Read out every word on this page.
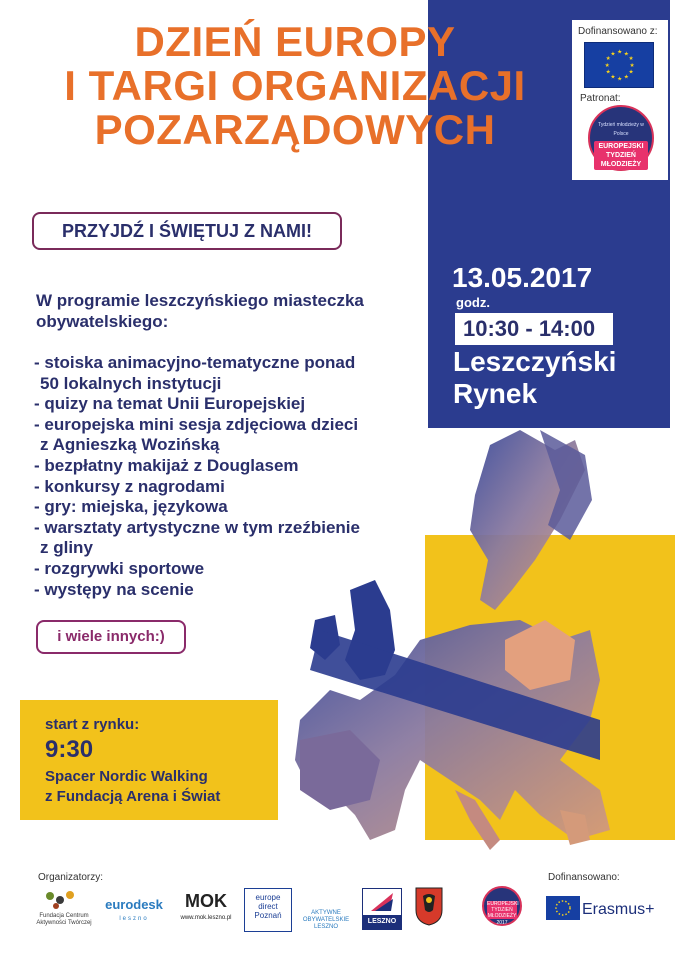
DZIEŃ EUROPY
I TARGI ORGANIZACJI
POZARZĄDOWYCH
Dofinansowano z:
★ ★
★
★
★
★
★
★
★
★
★
★
Patronat:
Tydzień młodzieży w Polsce
EUROPEJSKI TYDZIEŃ MŁODZIEŻY
2017
PRZYJDŹ I ŚWIĘTUJ Z NAMI!
13.05.2017
godz.
10:30 - 14:00
Leszczyński
Rynek
W programie leszczyńskiego miasteczka
obywatelskiego:
- stoiska animacyjno-tematyczne ponad
50 lokalnych instytucji
- quizy na temat Unii Europejskiej
- europejska mini sesja zdjęciowa dzieci
z Agnieszką Wozińską
- bezpłatny makijaż z Douglasem
- konkursy z nagrodami
- gry: miejska, językowa
- warsztaty artystyczne w tym rzeźbienie
z gliny
- rozgrywki sportowe
- występy na scenie
i wiele innych:)
start z rynku:
9:30
Spacer Nordic Walking
z Fundacją Arena i Świat
Organizatorzy:	Dofinansowano:
Fundacja Centrum Aktywności Twórczej
eurodesk
leszno
MOK
www.mok.leszno.pl
europe direct Poznań	AKTYWNE OBYWATELSKIE LESZNO
LESZNO
EUROPEJSKI TYDZIEŃ MŁODZIEŻY
2017
Erasmus+
